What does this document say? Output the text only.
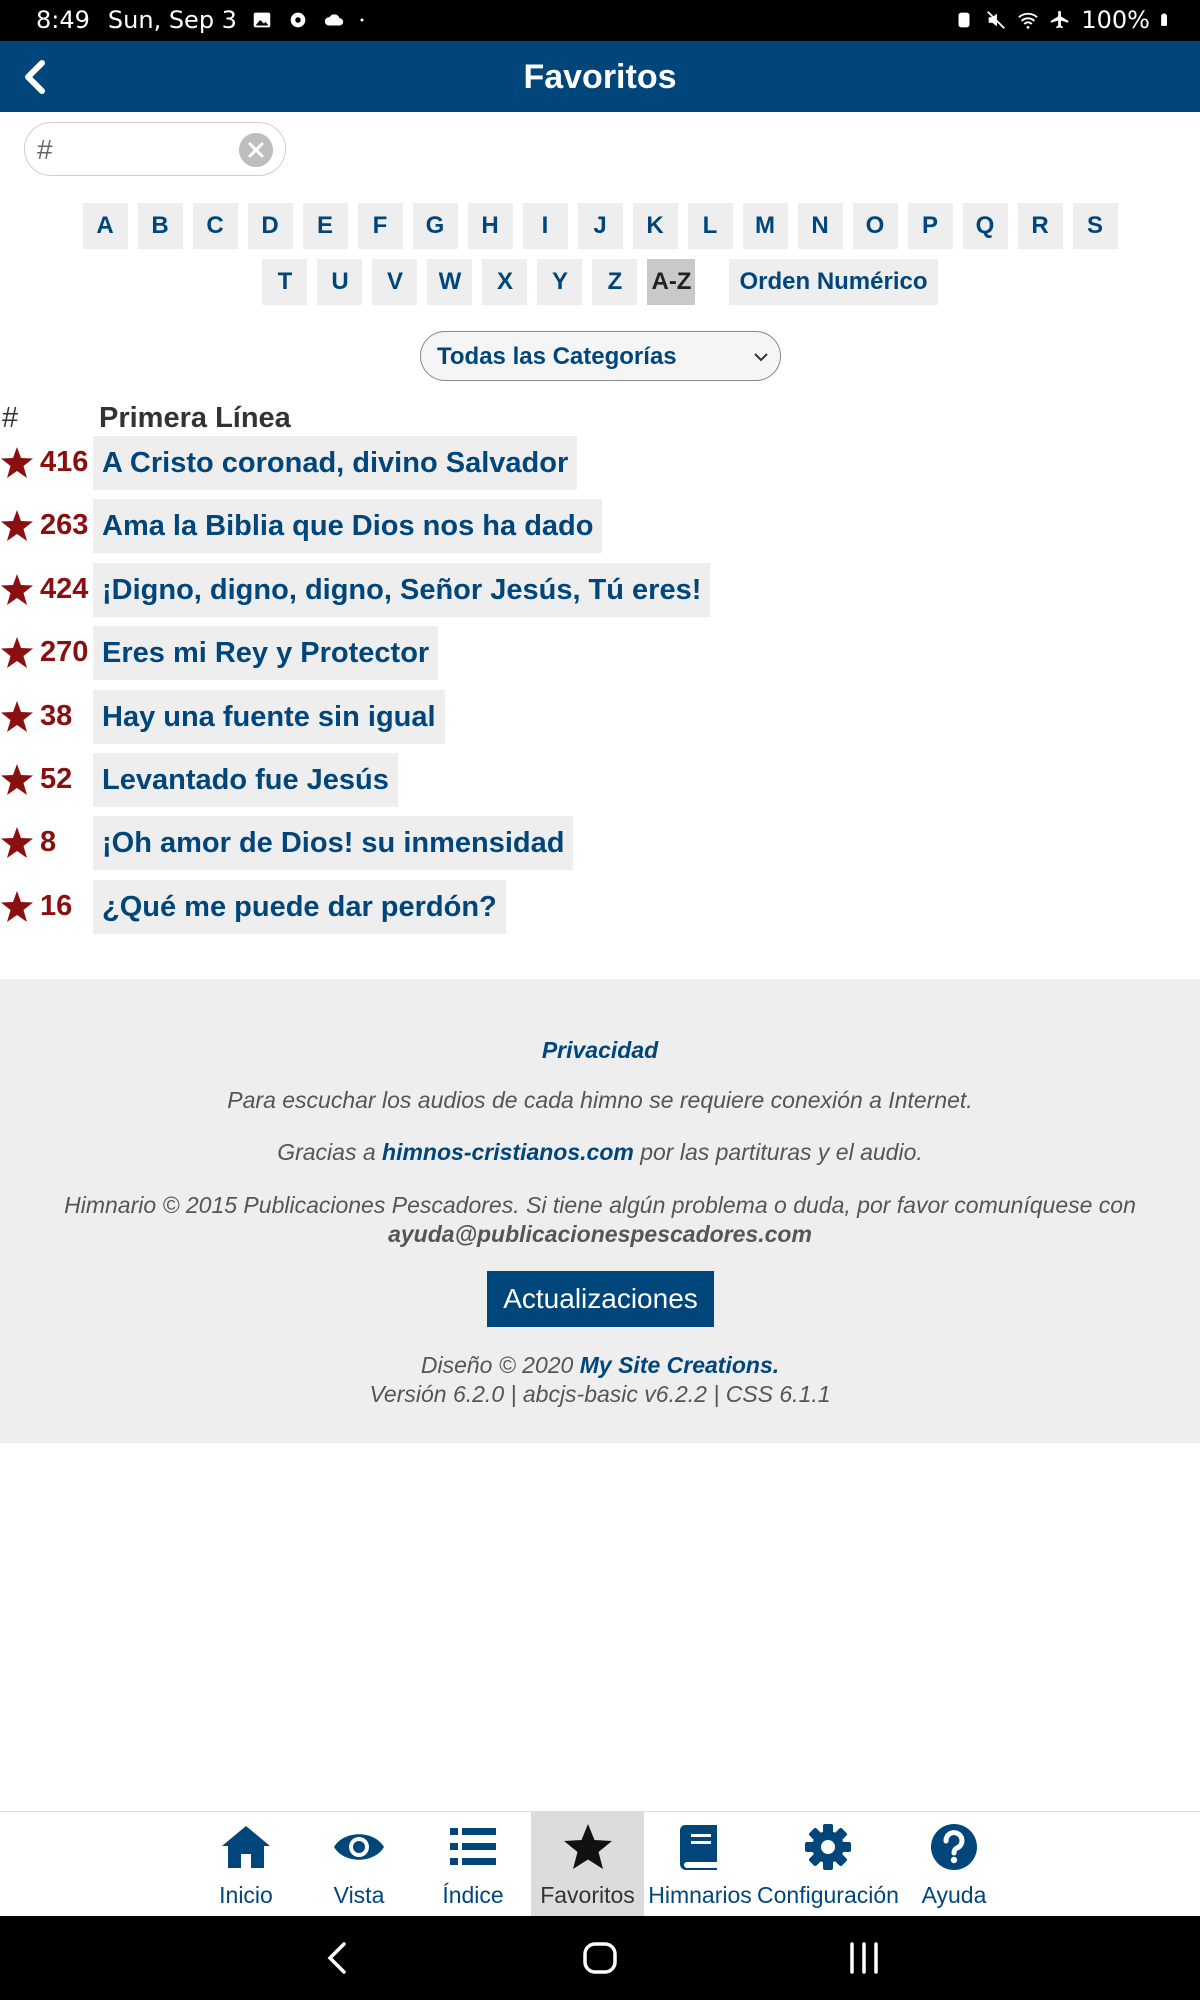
8:49 Sun, Sep 3	100%
Favoritos
#
A	B	C	D	E	F	G	H	I	J	K	L	M	N	O	P	Q	R	S
T	U	V	W	X	Y	Z	A-Z	Orden Numérico
Todas las Categorías
#	Primera Línea
416 A Cristo coronad, divino Salvador
263 Ama la Biblia que Dios nos ha dado
424 ¡Digno, digno, digno, Señor Jesús, Tú eres!
270 Eres mi Rey y Protector
38	Hay una fuente sin igual
52	Levantado fue Jesús
8	¡Oh amor de Dios! su inmensidad
16	¿Qué me puede dar perdón?
Privacidad
Para escuchar los audios de cada himno se requiere conexión a Internet.
Gracias a himnos-cristianos.com por las partituras y el audio.
Himnario © 2015 Publicaciones Pescadores. Si tiene algún problema o duda, por favor comuníquese con
ayuda@publicacionespescadores.com
Actualizaciones
Diseño © 2020 My Site Creations.
Versión 6.2.0 | abcjs-basic v6.2.2 | CSS 6.1.1
Inicio	Vista	Índice	Favoritos Himnarios Configuración Ayuda
